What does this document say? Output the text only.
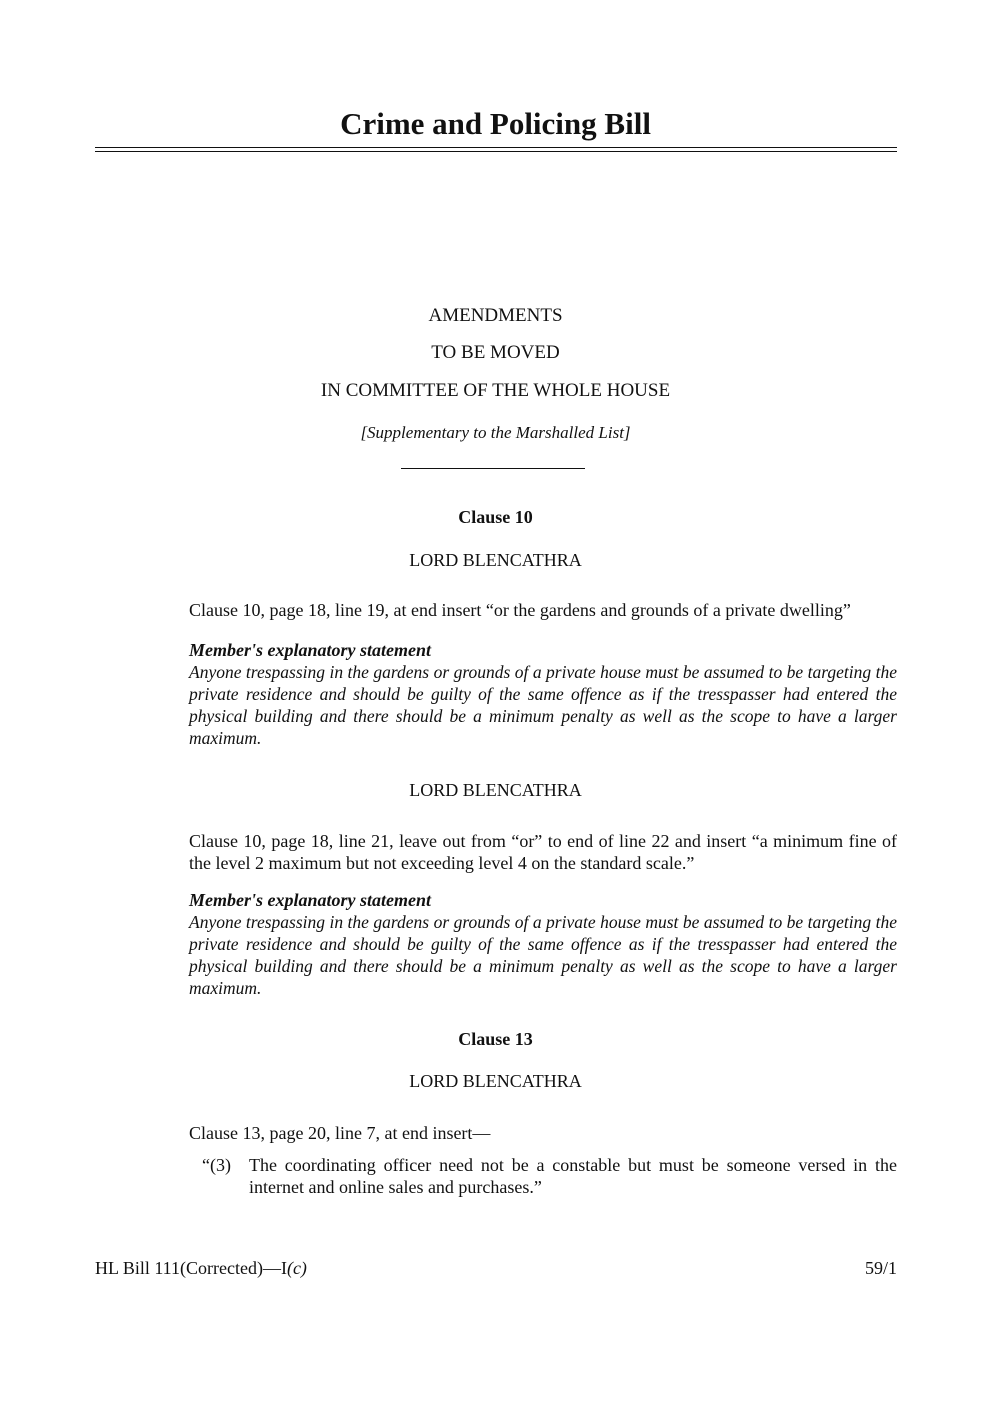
Crime and Policing Bill
AMENDMENTS
TO BE MOVED
IN COMMITTEE OF THE WHOLE HOUSE
[Supplementary to the Marshalled List]
Clause 10
LORD BLENCATHRA
Clause 10, page 18, line 19, at end insert “or the gardens and grounds of a private dwelling”
Member's explanatory statement
Anyone trespassing in the gardens or grounds of a private house must be assumed to be targeting the private residence and should be guilty of the same offence as if the tresspasser had entered the physical building and there should be a minimum penalty as well as the scope to have a larger maximum.
LORD BLENCATHRA
Clause 10, page 18, line 21, leave out from “or” to end of line 22 and insert “a minimum fine of the level 2 maximum but not exceeding level 4 on the standard scale.”
Member's explanatory statement
Anyone trespassing in the gardens or grounds of a private house must be assumed to be targeting the private residence and should be guilty of the same offence as if the tresspasser had entered the physical building and there should be a minimum penalty as well as the scope to have a larger maximum.
Clause 13
LORD BLENCATHRA
Clause 13, page 20, line 7, at end insert—
“(3) The coordinating officer need not be a constable but must be someone versed in the internet and online sales and purchases.”
HL Bill 111(Corrected)—I(c)	59/1
